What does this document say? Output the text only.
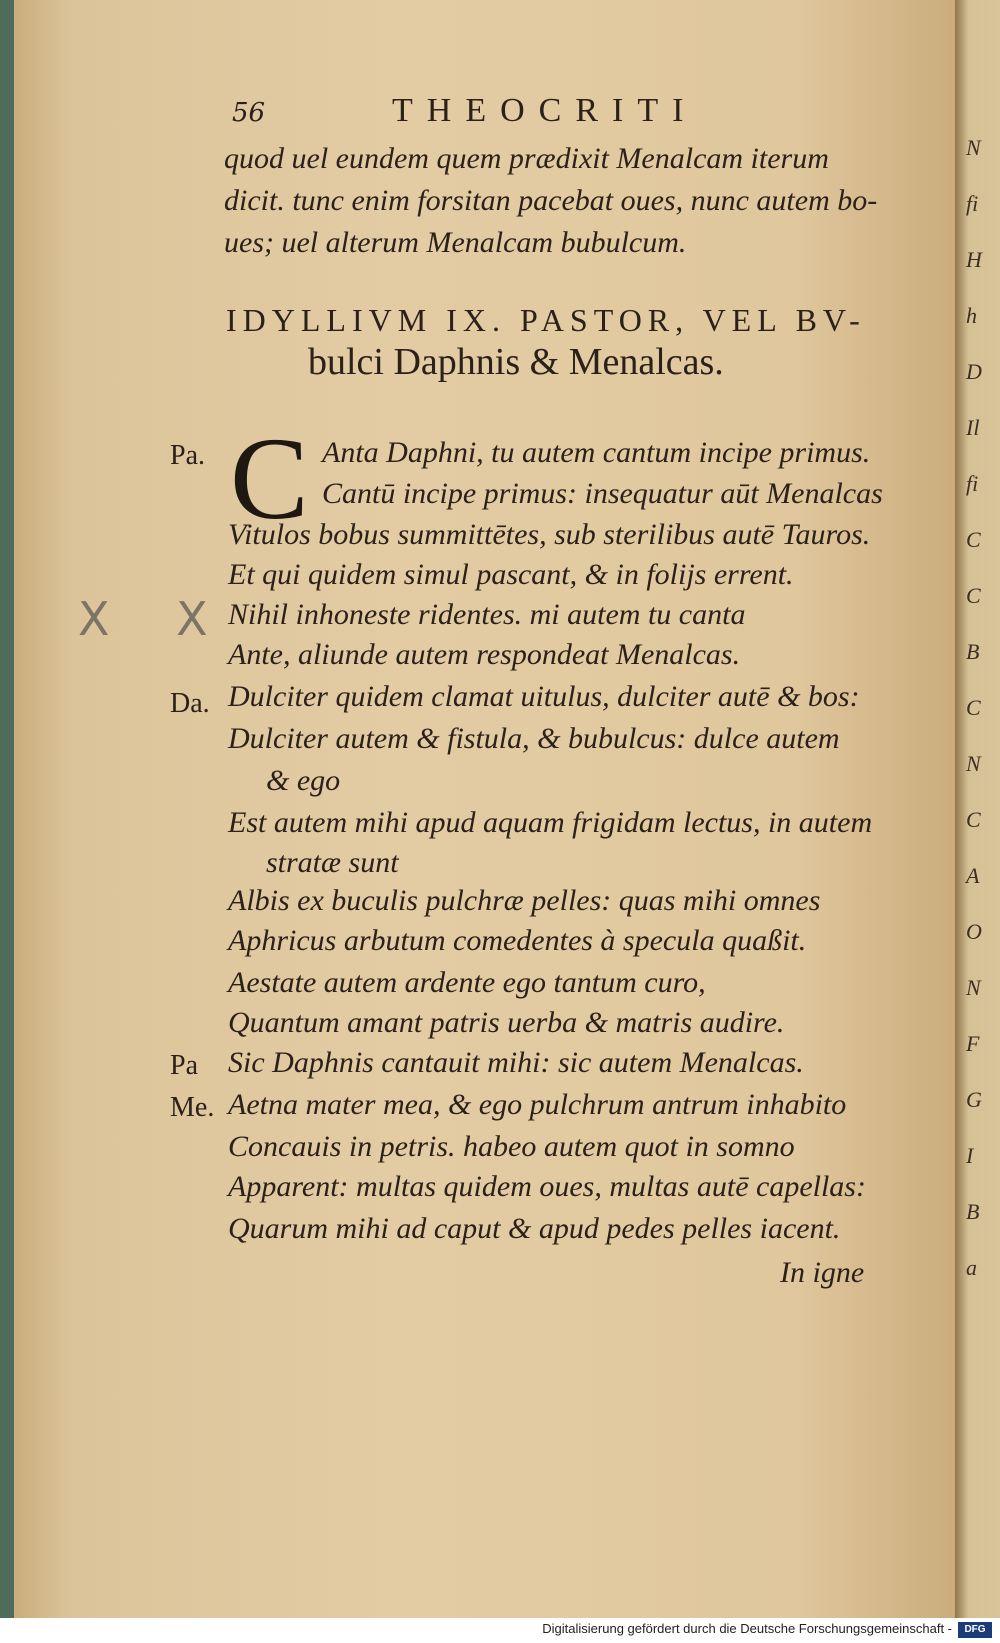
N
fi
H
h
D
Il
fi
C
C
B
C
N
C
A
O
N
F
G
I
B
a
56	THEOCRITI
quod uel eundem quem prædixit Menalcam iterum
dicit. tunc enim forsitan pacebat oues, nunc autem bo-
ues; uel alterum Menalcam bubulcum.
IDYLLIVM IX. PASTOR, VEL BV-
bulci Daphnis & Menalcas.
C
X X
Pa.
Da.
Pa
Me.
Anta Daphni, tu autem cantum incipe primus.
Cantū incipe primus: insequatur aūt Menalcas
Vitulos bobus summittētes, sub sterilibus autē Tauros.
Et qui quidem simul pascant, & in folijs errent.
Nihil inhoneste ridentes. mi autem tu canta
Ante, aliunde autem respondeat Menalcas.
Dulciter quidem clamat uitulus, dulciter autē & bos:
Dulciter autem & fistula, & bubulcus: dulce autem
& ego
Est autem mihi apud aquam frigidam lectus, in autem
stratæ sunt
Albis ex buculis pulchræ pelles: quas mihi omnes
Aphricus arbutum comedentes à specula quaßit.
Aestate autem ardente ego tantum curo,
Quantum amant patris uerba & matris audire.
Sic Daphnis cantauit mihi: sic autem Menalcas.
Aetna mater mea, & ego pulchrum antrum inhabito
Concauis in petris. habeo autem quot in somno
Apparent: multas quidem oues, multas autē capellas:
Quarum mihi ad caput & apud pedes pelles iacent.
In igne
Digitalisierung gefördert durch die Deutsche Forschungsgemeinschaft -	DFG
